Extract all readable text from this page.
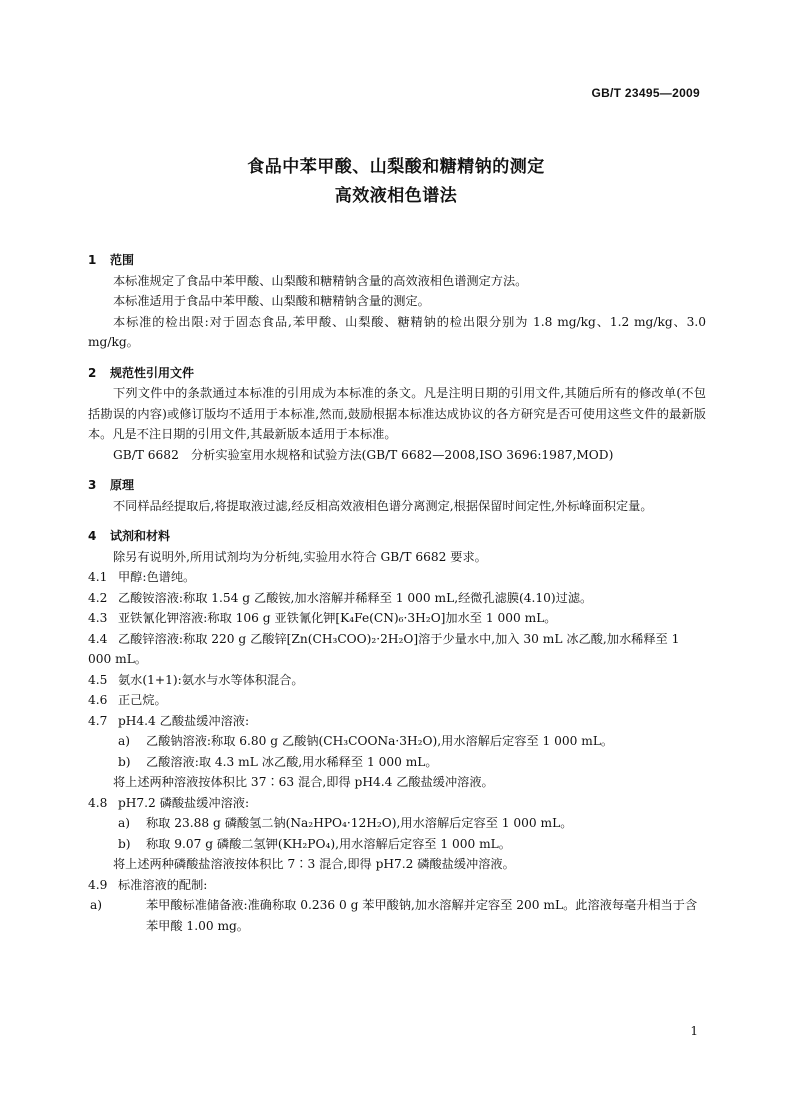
GB/T 23495—2009
食品中苯甲酸、山梨酸和糖精钠的测定
高效液相色谱法
1 范围

本标准规定了食品中苯甲酸、山梨酸和糖精钠含量的高效液相色谱测定方法。

本标准适用于食品中苯甲酸、山梨酸和糖精钠含量的测定。

本标准的检出限:对于固态食品,苯甲酸、山梨酸、糖精钠的检出限分别为 1.8 mg/kg、1.2 mg/kg、3.0 mg/kg。

2 规范性引用文件

下列文件中的条款通过本标准的引用成为本标准的条文。凡是注明日期的引用文件,其随后所有的修改单(不包括勘误的内容)或修订版均不适用于本标准,然而,鼓励根据本标准达成协议的各方研究是否可使用这些文件的最新版本。凡是不注日期的引用文件,其最新版本适用于本标准。

GB/T 6682　分析实验室用水规格和试验方法(GB/T 6682—2008,ISO 3696:1987,MOD)

3 原理

不同样品经提取后,将提取液过滤,经反相高效液相色谱分离测定,根据保留时间定性,外标峰面积定量。

4 试剂和材料

除另有说明外,所用试剂均为分析纯,实验用水符合 GB/T 6682 要求。

4.1 甲醇:色谱纯。

4.2 乙酸铵溶液:称取 1.54 g 乙酸铵,加水溶解并稀释至 1 000 mL,经微孔滤膜(4.10)过滤。

4.3 亚铁氰化钾溶液:称取 106 g 亚铁氰化钾[K₄Fe(CN)₆·3H₂O]加水至 1 000 mL。

4.4 乙酸锌溶液:称取 220 g 乙酸锌[Zn(CH₃COO)₂·2H₂O]溶于少量水中,加入 30 mL 冰乙酸,加水稀释至 1 000 mL。

4.5 氨水(1+1):氨水与水等体积混合。

4.6 正己烷。

4.7 pH4.4 乙酸盐缓冲溶液:

a) 乙酸钠溶液:称取 6.80 g 乙酸钠(CH₃COONa·3H₂O),用水溶解后定容至 1 000 mL。

b) 乙酸溶液:取 4.3 mL 冰乙酸,用水稀释至 1 000 mL。

将上述两种溶液按体积比 37∶63 混合,即得 pH4.4 乙酸盐缓冲溶液。

4.8 pH7.2 磷酸盐缓冲溶液:

a) 称取 23.88 g 磷酸氢二钠(Na₂HPO₄·12H₂O),用水溶解后定容至 1 000 mL。

b) 称取 9.07 g 磷酸二氢钾(KH₂PO₄),用水溶解后定容至 1 000 mL。

将上述两种磷酸盐溶液按体积比 7∶3 混合,即得 pH7.2 磷酸盐缓冲溶液。

4.9 标准溶液的配制:

a)	苯甲酸标准储备液:准确称取 0.236 0 g 苯甲酸钠,加水溶解并定容至 200 mL。此溶液每毫升相当于含苯甲酸 1.00 mg。

1
